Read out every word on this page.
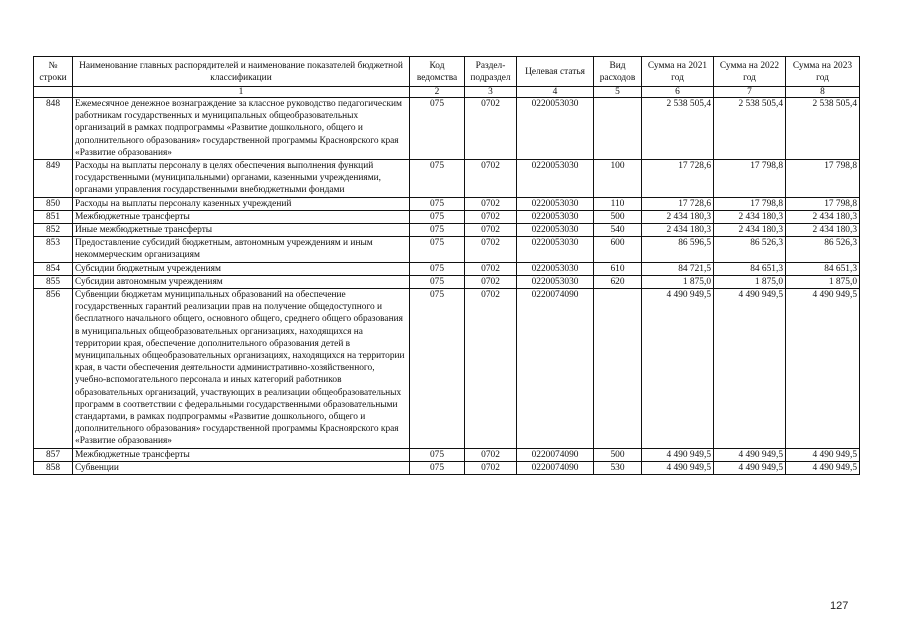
№ строки	Наименование главных распорядителей и наименование показателей бюджетной классификации	Код ведомства	Раздел-подраздел	Целевая статья	Вид расходов	Сумма на 2021 год	Сумма на 2022 год	Сумма на 2023 год
	1	2	3	4	5	6	7	8
848	Ежемесячное денежное вознаграждение за классное руководство педагогическим работникам государственных и муниципальных общеобразовательных организаций в рамках подпрограммы «Развитие дошкольного, общего и дополнительного образования» государственной программы Красноярского края «Развитие образования»	075	0702	0220053030		2 538 505,4	2 538 505,4	2 538 505,4
849	Расходы на выплаты персоналу в целях обеспечения выполнения функций государственными (муниципальными) органами, казенными учреждениями, органами управления государственными внебюджетными фондами	075	0702	0220053030	100	17 728,6	17 798,8	17 798,8
850	Расходы на выплаты персоналу казенных учреждений	075	0702	0220053030	110	17 728,6	17 798,8	17 798,8
851	Межбюджетные трансферты	075	0702	0220053030	500	2 434 180,3	2 434 180,3	2 434 180,3
852	Иные межбюджетные трансферты	075	0702	0220053030	540	2 434 180,3	2 434 180,3	2 434 180,3
853	Предоставление субсидий бюджетным, автономным учреждениям и иным некоммерческим организациям	075	0702	0220053030	600	86 596,5	86 526,3	86 526,3
854	Субсидии бюджетным учреждениям	075	0702	0220053030	610	84 721,5	84 651,3	84 651,3
855	Субсидии автономным учреждениям	075	0702	0220053030	620	1 875,0	1 875,0	1 875,0
856	Субвенции бюджетам муниципальных образований на обеспечение государственных гарантий реализации прав на получение общедоступного и бесплатного начального общего, основного общего, среднего общего образования в муниципальных общеобразовательных организациях, находящихся на территории края, обеспечение дополнительного образования детей в муниципальных общеобразовательных организациях, находящихся на территории края, в части обеспечения деятельности административно-хозяйственного, учебно-вспомогательного персонала и иных категорий работников образовательных организаций, участвующих в реализации общеобразовательных программ в соответствии с федеральными государственными образовательными стандартами, в рамках подпрограммы «Развитие дошкольного, общего и дополнительного образования» государственной программы Красноярского края «Развитие образования»	075	0702	0220074090		4 490 949,5	4 490 949,5	4 490 949,5
857	Межбюджетные трансферты	075	0702	0220074090	500	4 490 949,5	4 490 949,5	4 490 949,5
858	Субвенции	075	0702	0220074090	530	4 490 949,5	4 490 949,5	4 490 949,5
127
